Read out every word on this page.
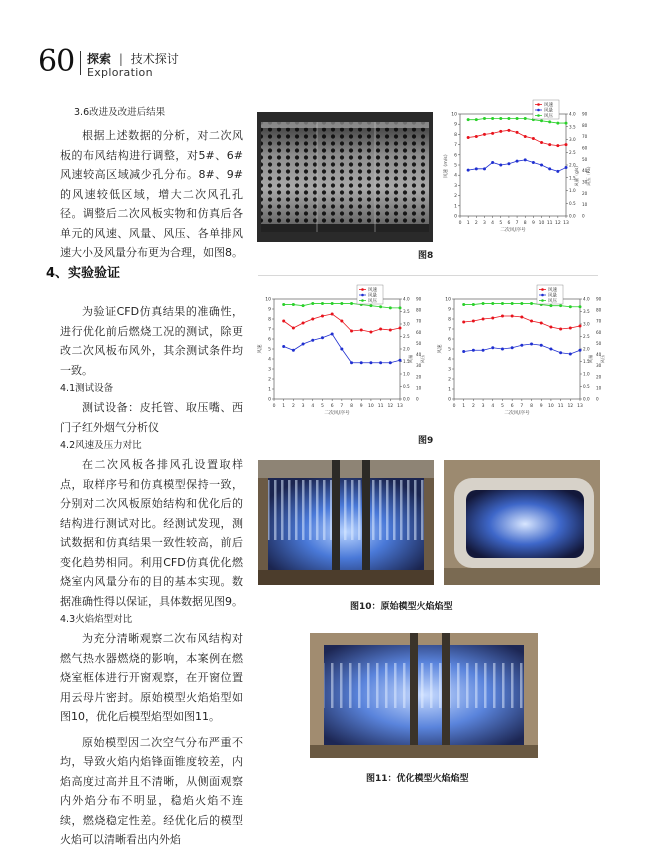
60 探索 | 技术探讨
Exploration
3.6改进及改进后结果

根据上述数据的分析，对二次风板的布风结构进行调整，对5#、6#风速较高区域减少孔分布。8#、9#的风速较低区域，增大二次风孔孔径。调整后二次风板实物和仿真后各单元的风速、风量、风压、各单排风速大小及风量分布更为合理，如图8。

4、实验验证

为验证CFD仿真结果的准确性，进行优化前后燃烧工况的测试，除更改二次风板布风外，其余测试条件均一致。

4.1测试设备

测试设备：皮托管、取压嘴、西门子红外烟气分析仪

4.2风速及压力对比

在二次风板各排风孔设置取样点，取样序号和仿真模型保持一致，分别对二次风板原始结构和优化后的结构进行测试对比。经测试发现，测试数据和仿真结果一致性较高，前后变化趋势相同。利用CFD仿真优化燃烧室内风量分布的目的基本实现。数据准确性得以保证，具体数据见图9。

4.3火焰焰型对比

为充分清晰观察二次布风结构对燃气热水器燃烧的影响，本案例在燃烧室框体进行开窗观察，在开窗位置用云母片密封。原始模型火焰焰型如图10，优化后模型焰型如图11。

原始模型因二次空气分布严重不均，导致火焰内焰锋面锥度较差，内焰高度过高并且不清晰，从侧面观察内外焰分布不明显，稳焰火焰不连续，燃烧稳定性差。经优化后的模型火焰可以清晰看出内外焰

0 1 2 3 4 5 6 7 8 9 10 11 12 13
0
1
2
3
4
5
6
7
8
9
10
0.0
0.5
1.0
1.5
2.0
2.5
3.0
3.5
4.0
0
10
20
30
40
50
60
70
80
90
二次风/序号
风速（m/s）	风量（g/s） 风压（Pa）
风速
风量
风压
图8
0 1 2 3 4 5 6 7 8 9 10 11 12 13
0
1
2
3
4
5
6
7
8
9
10
0.0
0.5
1.0
1.5
2.0
2.5
3.0
3.5
4.0
0
10
20
30
40
50
60
70
80
90
二次风/序号
风速
风量 风压
风速
风量
风压
0 1 2 3 4 5 6 7 8 9 10 11 12 13
0
1
2
3
4
5
6
7
8
9
10
0.0
0.5
1.0
1.5
2.0
2.5
3.0
3.5
4.0
0
10
20
30
40
50
60
70
80
90
二次风/序号
风速
风量 风压
风速
风量
风压
图9
图10：原始模型火焰焰型
图11：优化模型火焰焰型
